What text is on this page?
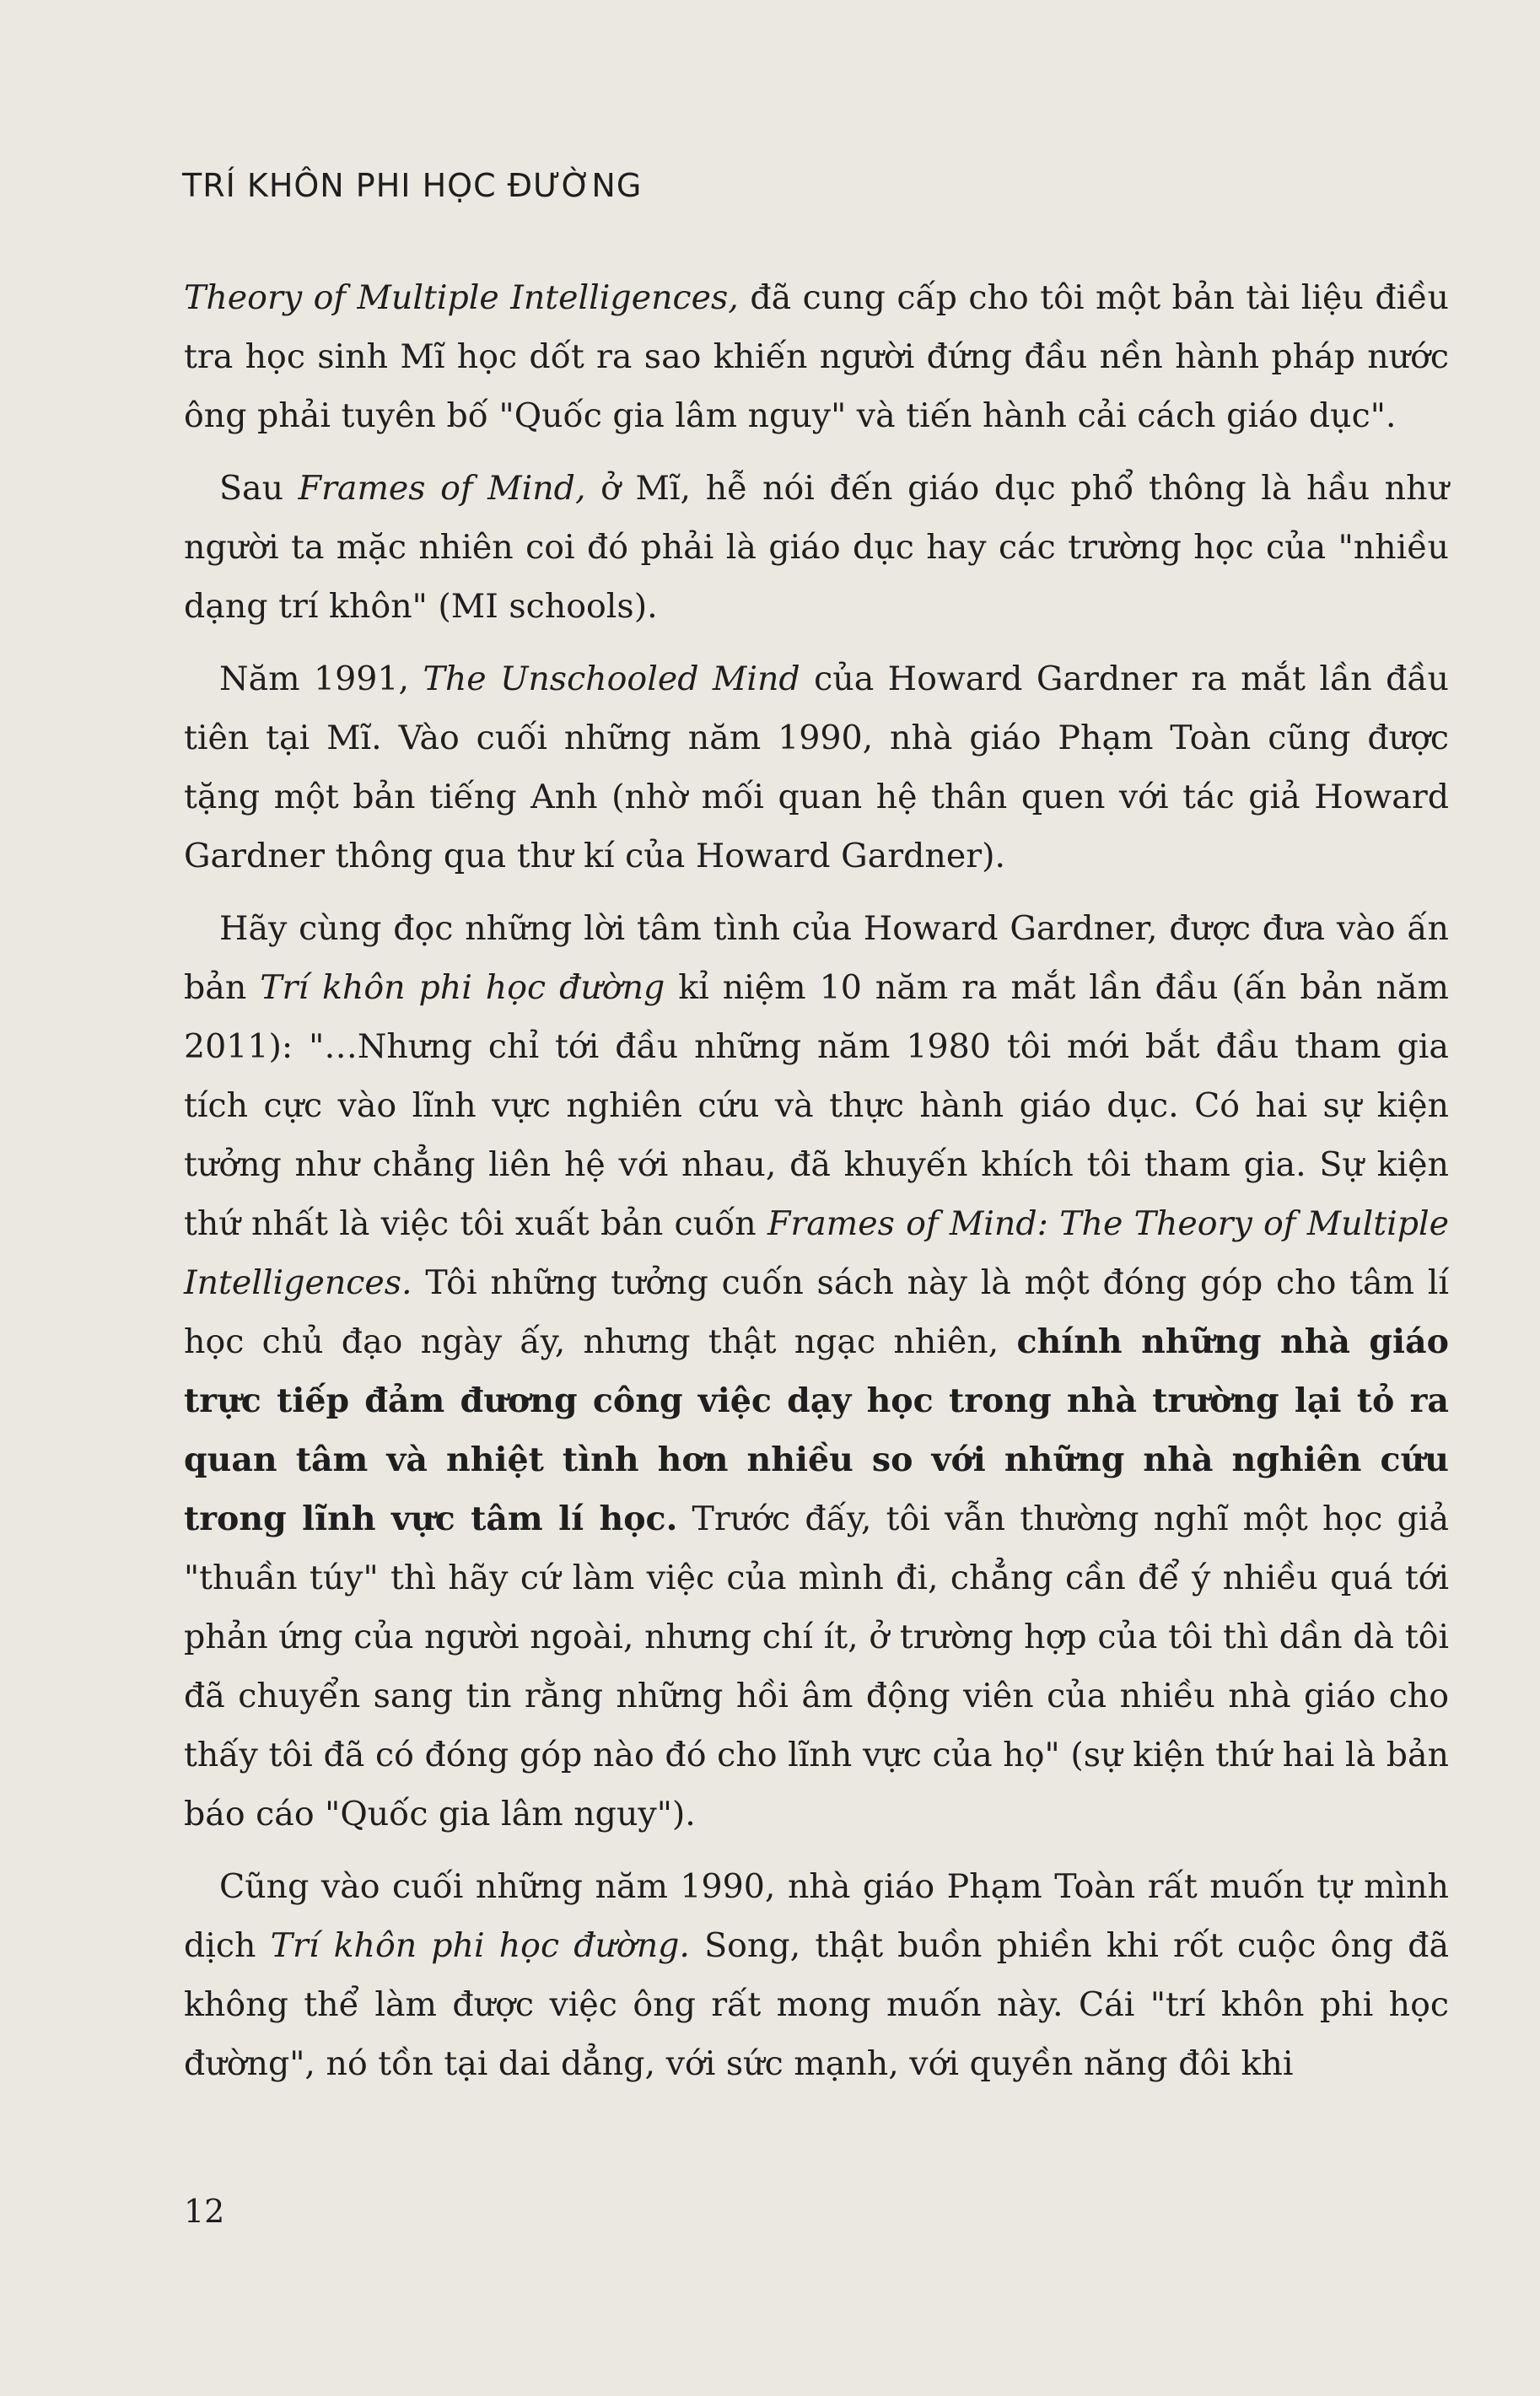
TRÍ KHÔN PHI HỌC ĐƯỜNG

Theory of Multiple Intelligences, đã cung cấp cho tôi một bản tài liệu điều tra học sinh Mĩ học dốt ra sao khiến người đứng đầu nền hành pháp nước ông phải tuyên bố "Quốc gia lâm nguy" và tiến hành cải cách giáo dục".

Sau Frames of Mind, ở Mĩ, hễ nói đến giáo dục phổ thông là hầu như người ta mặc nhiên coi đó phải là giáo dục hay các trường học của "nhiều dạng trí khôn" (MI schools).

Năm 1991, The Unschooled Mind của Howard Gardner ra mắt lần đầu tiên tại Mĩ. Vào cuối những năm 1990, nhà giáo Phạm Toàn cũng được tặng một bản tiếng Anh (nhờ mối quan hệ thân quen với tác giả Howard Gardner thông qua thư kí của Howard Gardner).

Hãy cùng đọc những lời tâm tình của Howard Gardner, được đưa vào ấn bản Trí khôn phi học đường kỉ niệm 10 năm ra mắt lần đầu (ấn bản năm 2011): "…Nhưng chỉ tới đầu những năm 1980 tôi mới bắt đầu tham gia tích cực vào lĩnh vực nghiên cứu và thực hành giáo dục. Có hai sự kiện tưởng như chẳng liên hệ với nhau, đã khuyến khích tôi tham gia. Sự kiện thứ nhất là việc tôi xuất bản cuốn Frames of Mind: The Theory of Multiple Intelligences. Tôi những tưởng cuốn sách này là một đóng góp cho tâm lí học chủ đạo ngày ấy, nhưng thật ngạc nhiên, chính những nhà giáo trực tiếp đảm đương công việc dạy học trong nhà trường lại tỏ ra quan tâm và nhiệt tình hơn nhiều so với những nhà nghiên cứu trong lĩnh vực tâm lí học. Trước đấy, tôi vẫn thường nghĩ một học giả "thuần túy" thì hãy cứ làm việc của mình đi, chẳng cần để ý nhiều quá tới phản ứng của người ngoài, nhưng chí ít, ở trường hợp của tôi thì dần dà tôi đã chuyển sang tin rằng những hồi âm động viên của nhiều nhà giáo cho thấy tôi đã có đóng góp nào đó cho lĩnh vực của họ" (sự kiện thứ hai là bản báo cáo "Quốc gia lâm nguy").

Cũng vào cuối những năm 1990, nhà giáo Phạm Toàn rất muốn tự mình dịch Trí khôn phi học đường. Song, thật buồn phiền khi rốt cuộc ông đã không thể làm được việc ông rất mong muốn này. Cái "trí khôn phi học đường", nó tồn tại dai dẳng, với sức mạnh, với quyền năng đôi khi

12
